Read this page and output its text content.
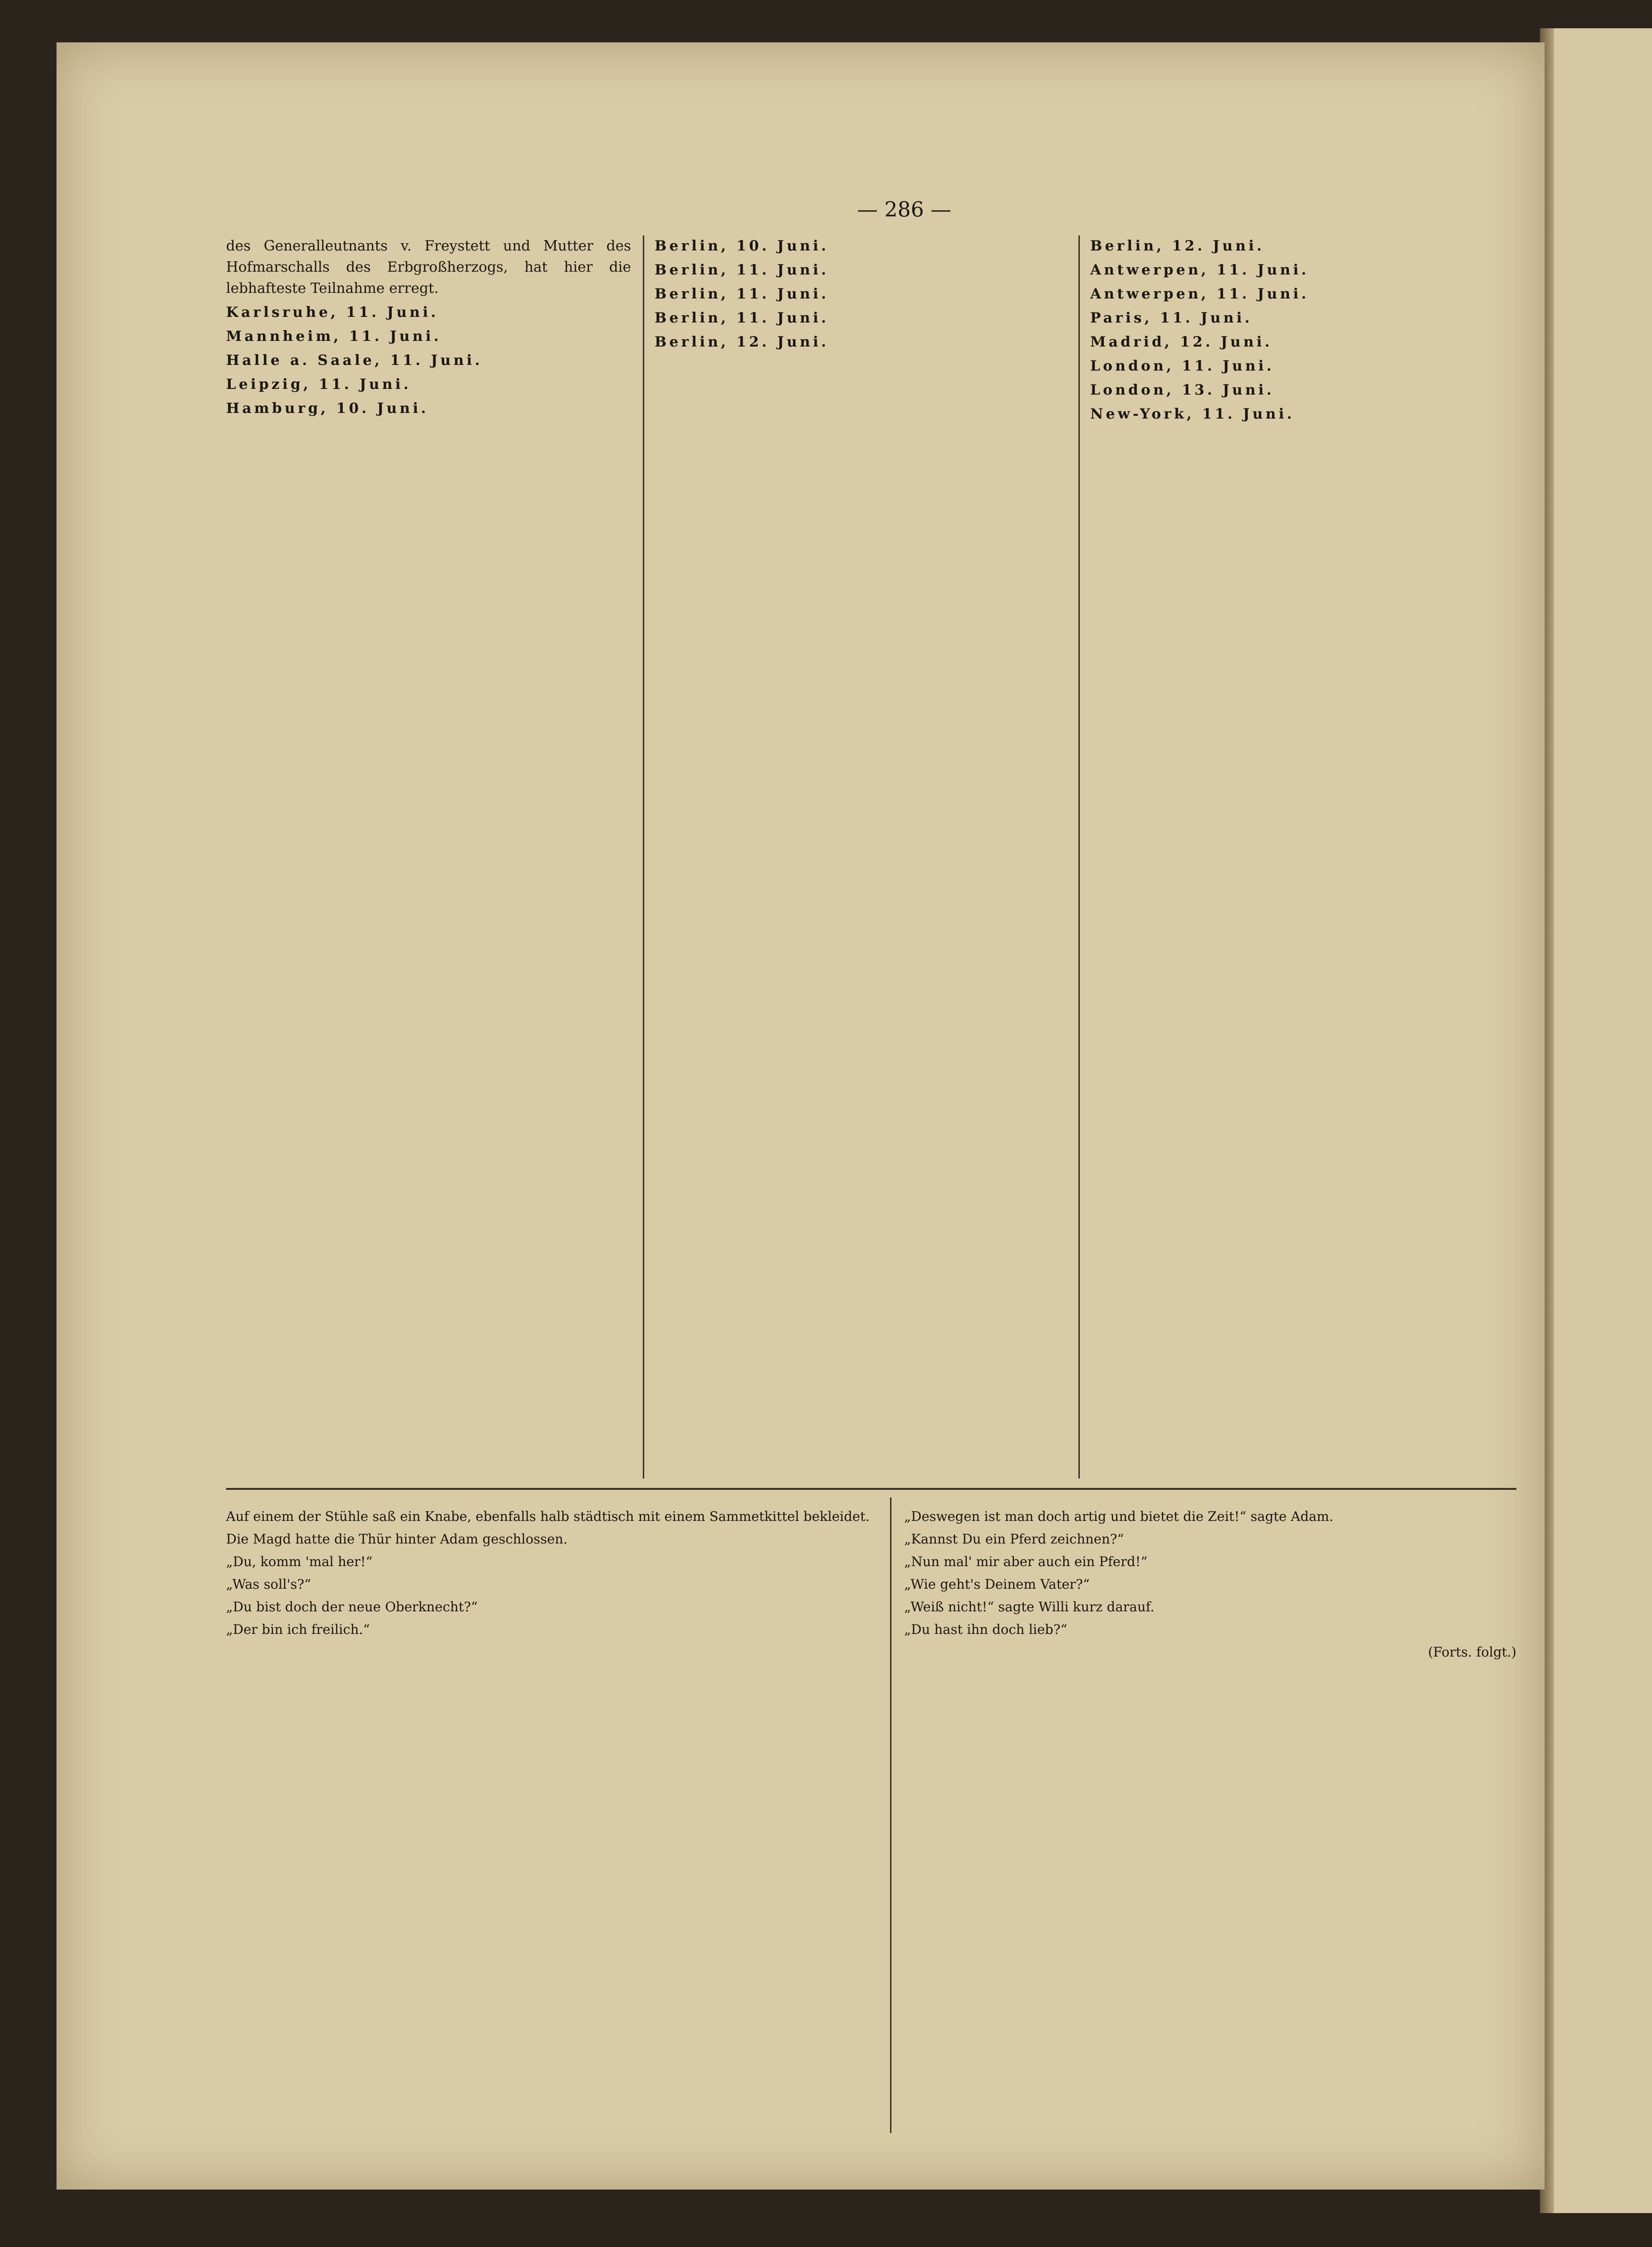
— 286 —

des Generalleutnants v. Freystett und Mutter des Hofmarschalls des Erbgroßherzogs, hat hier die lebhafteste Teilnahme erregt.

Karlsruhe, 11. Juni.

Mannheim, 11. Juni.

Halle a. Saale, 11. Juni.

Leipzig, 11. Juni.

Hamburg, 10. Juni.

Berlin, 10. Juni.

Berlin, 11. Juni.

Berlin, 11. Juni.

Berlin, 11. Juni.

Berlin, 12. Juni.

Berlin, 12. Juni.

Antwerpen, 11. Juni.

Antwerpen, 11. Juni.

Paris, 11. Juni.

Madrid, 12. Juni.

London, 11. Juni.

London, 13. Juni.

New-York, 11. Juni.

Auf einem der Stühle saß ein Knabe, ebenfalls halb städtisch mit einem Sammetkittel bekleidet.

Die Magd hatte die Thür hinter Adam geschlossen.

„Du, komm 'mal her!“

„Was soll's?“

„Du bist doch der neue Oberknecht?“

„Der bin ich freilich.“

„Deswegen ist man doch artig und bietet die Zeit!“ sagte Adam.

„Kannst Du ein Pferd zeichnen?“

„Nun mal' mir aber auch ein Pferd!“

„Wie geht's Deinem Vater?“

„Weiß nicht!“ sagte Willi kurz darauf.

„Du hast ihn doch lieb?“

(Forts. folgt.)
